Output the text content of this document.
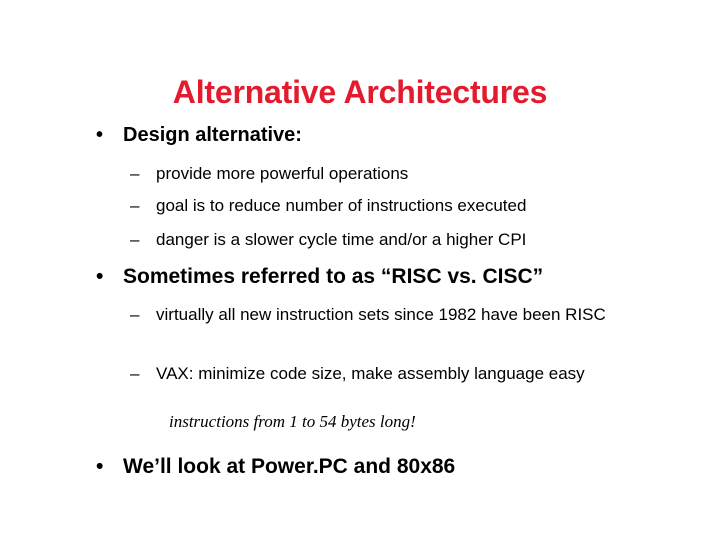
Alternative Architectures
• Design alternative:
– provide more powerful operations
– goal is to reduce number of instructions executed
– danger is a slower cycle time and/or a higher CPI
• Sometimes referred to as “RISC vs. CISC”
– virtually all new instruction sets since 1982 have been RISC
– VAX: minimize code size, make assembly language easy
instructions from 1 to 54 bytes long!
• We’ll look at Power.PC and 80x86
